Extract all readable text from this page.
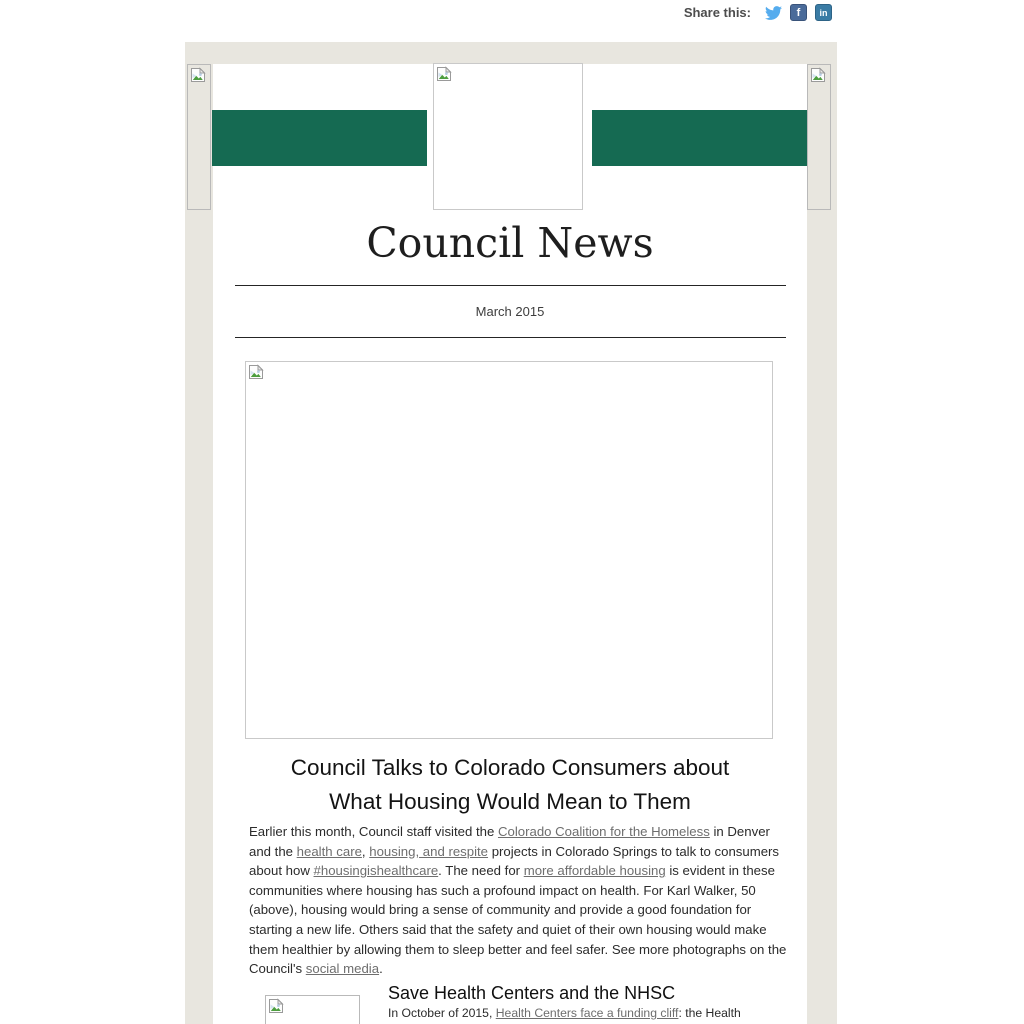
Share this:	f	in
Council News
March 2015
Council Talks to Colorado Consumers about
What Housing Would Mean to Them
Earlier this month, Council staff visited the Colorado Coalition for the Homeless in Denver and the health care, housing, and respite projects in Colorado Springs to talk to consumers about how #housingishealthcare. The need for more affordable housing is evident in these communities where housing has such a profound impact on health. For Karl Walker, 50 (above), housing would bring a sense of community and provide a good foundation for starting a new life. Others said that the safety and quiet of their own housing would make them healthier by allowing them to sleep better and feel safer. See more photographs on the Council's social media.
Save Health Centers and the NHSC
In October of 2015, Health Centers face a funding cliff: the Health
